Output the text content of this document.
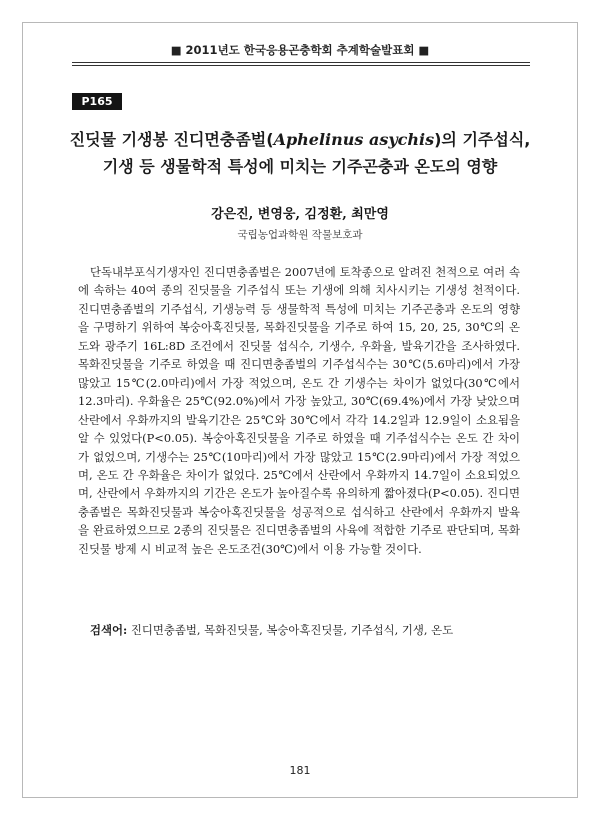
■ 2011년도 한국응용곤충학회 추계학술발표회 ■
P165
진딧물 기생봉 진디면충좀벌(Aphelinus asychis)의 기주섭식,
기생 등 생물학적 특성에 미치는 기주곤충과 온도의 영향
강은진, 변영웅, 김정환, 최만영
국립농업과학원 작물보호과

단독내부포식기생자인 진디면충좀벌은 2007년에 토착종으로 알려진 천적으로 여러 속에 속하는 40여 종의 진딧물을 기주섭식 또는 기생에 의해 치사시키는 기생성 천적이다. 진디면충좀벌의 기주섭식, 기생능력 등 생물학적 특성에 미치는 기주곤충과 온도의 영향을 구명하기 위하여 복숭아혹진딧물, 목화진딧물을 기주로 하여 15, 20, 25, 30℃의 온도와 광주기 16L:8D 조건에서 진딧물 섭식수, 기생수, 우화율, 발육기간을 조사하였다. 목화진딧물을 기주로 하였을 때 진디면충좀벌의 기주섭식수는 30℃(5.6마리)에서 가장 많았고 15℃(2.0마리)에서 가장 적었으며, 온도 간 기생수는 차이가 없었다(30℃에서 12.3마리). 우화율은 25℃(92.0%)에서 가장 높았고, 30℃(69.4%)에서 가장 낮았으며 산란에서 우화까지의 발육기간은 25℃와 30℃에서 각각 14.2일과 12.9일이 소요됨을 알 수 있었다(P<0.05). 복숭아혹진딧물을 기주로 하였을 때 기주섭식수는 온도 간 차이가 없었으며, 기생수는 25℃(10마리)에서 가장 많았고 15℃(2.9마리)에서 가장 적었으며, 온도 간 우화율은 차이가 없었다. 25℃에서 산란에서 우화까지 14.7일이 소요되었으며, 산란에서 우화까지의 기간은 온도가 높아질수록 유의하게 짧아졌다(P<0.05). 진디면충좀벌은 목화진딧물과 복숭아혹진딧물을 성공적으로 섭식하고 산란에서 우화까지 발육을 완료하였으므로 2종의 진딧물은 진디면충좀벌의 사육에 적합한 기주로 판단되며, 목화진딧물 방제 시 비교적 높은 온도조건(30℃)에서 이용 가능할 것이다.

검색어: 진디면충좀벌, 목화진딧물, 복숭아혹진딧물, 기주섭식, 기생, 온도

181
